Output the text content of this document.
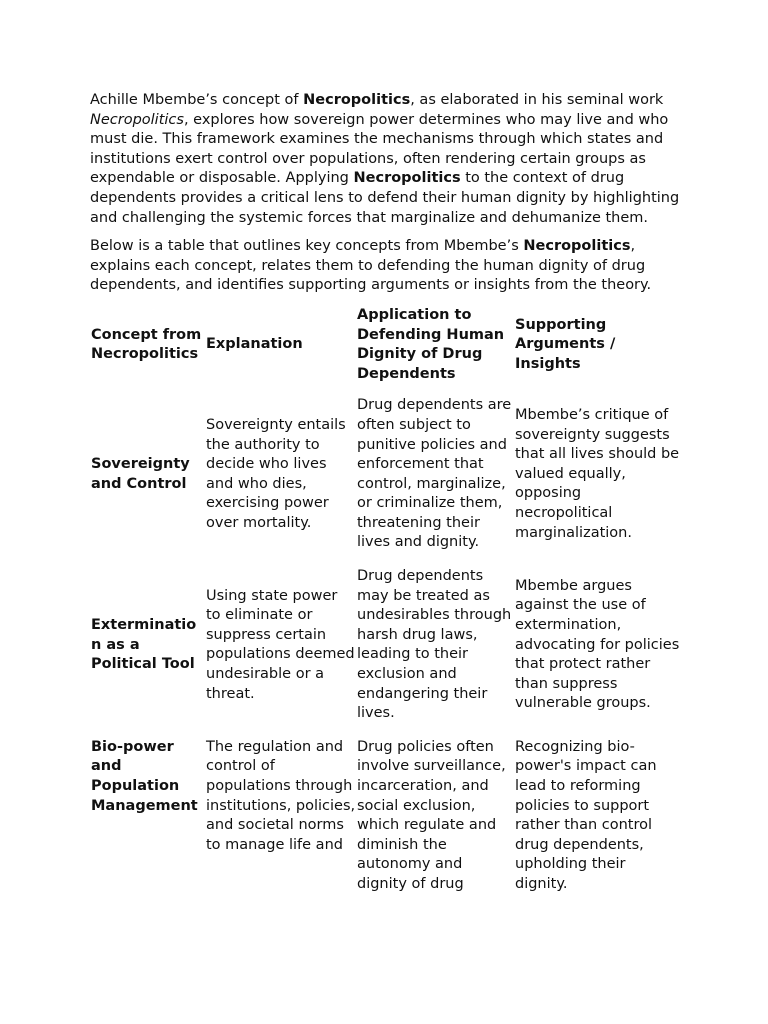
Achille Mbembe’s concept of Necropolitics, as elaborated in his seminal work Necropolitics, explores how sovereign power determines who may live and who must die. This framework examines the mechanisms through which states and institutions exert control over populations, often rendering certain groups as expendable or disposable. Applying Necropolitics to the context of drug dependents provides a critical lens to defend their human dignity by highlighting and challenging the systemic forces that marginalize and dehumanize them.

Below is a table that outlines key concepts from Mbembe’s Necropolitics, explains each concept, relates them to defending the human dignity of drug dependents, and identifies supporting arguments or insights from the theory.

Concept from Necropolitics	Explanation	Application to Defending Human Dignity of Drug Dependents	Supporting Arguments / Insights
Sovereignty and Control	Sovereignty entails the authority to decide who lives and who dies, exercising power over mortality.	Drug dependents are often subject to punitive policies and enforcement that control, marginalize, or criminalize them, threatening their lives and dignity.	Mbembe’s critique of sovereignty suggests that all lives should be valued equally, opposing necropolitical marginalization.
Extermination as a Political Tool	Using state power to eliminate or suppress certain populations deemed undesirable or a threat.	Drug dependents may be treated as undesirables through harsh drug laws, leading to their exclusion and endangering their lives.	Mbembe argues against the use of extermination, advocating for policies that protect rather than suppress vulnerable groups.
Bio-power and Population Management	The regulation and control of populations through institutions, policies, and societal norms to manage life and	Drug policies often involve surveillance, incarceration, and social exclusion, which regulate and diminish the autonomy and dignity of drug	Recognizing bio-power's impact can lead to reforming policies to support rather than control drug dependents, upholding their dignity.
